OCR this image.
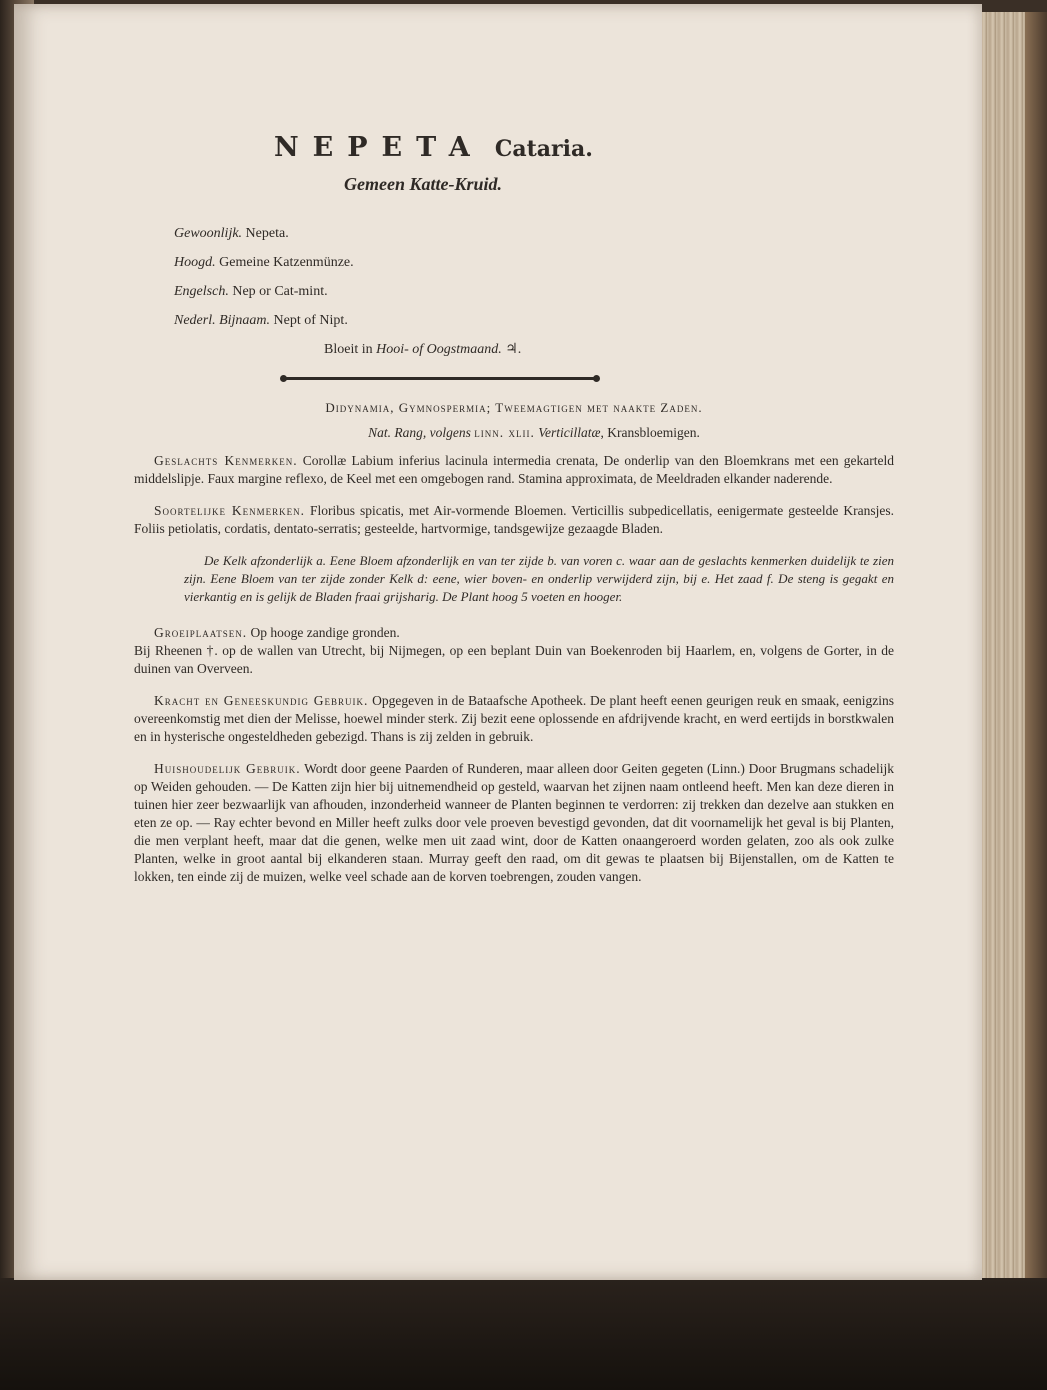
NEPETA Cataria.
Gemeen Katte-Kruid.
Gewoonlijk. Nepeta.
Hoogd. Gemeine Katzenmünze.
Engelsch. Nep or Cat-mint.
Nederl. Bijnaam. Nept of Nipt.
Bloeit in Hooi- of Oogstmaand. ♃.

Didynamia, Gymnospermia; Tweemagtigen met naakte Zaden.

Nat. Rang, volgens linn. xlii. Verticillatæ, Kransbloemigen.

Geslachts Kenmerken. Corollæ Labium inferius lacinula intermedia crenata, De onderlip van den Bloemkrans met een gekarteld middelslipje. Faux margine reflexo, de Keel met een omgebogen rand. Stamina approximata, de Meeldraden elkander naderende.

Soortelijke Kenmerken. Floribus spicatis, met Air-vormende Bloemen. Verticillis subpedicellatis, eenigermate gesteelde Kransjes. Foliis petiolatis, cordatis, dentato-serratis; gesteelde, hartvormige, tandsgewijze gezaagde Bladen.

De Kelk afzonderlijk a. Eene Bloem afzonderlijk en van ter zijde b. van voren c. waar aan de geslachts kenmerken duidelijk te zien zijn. Eene Bloem van ter zijde zonder Kelk d: eene, wier boven- en onderlip verwijderd zijn, bij e. Het zaad f. De steng is gegakt en vierkantig en is gelijk de Bladen fraai grijsharig. De Plant hoog 5 voeten en hooger.

Groeiplaatsen. Op hooge zandige gronden.

Bij Rheenen †. op de wallen van Utrecht, bij Nijmegen, op een beplant Duin van Boekenroden bij Haarlem, en, volgens de Gorter, in de duinen van Overveen.

Kracht en Geneeskundig Gebruik. Opgegeven in de Bataafsche Apotheek. De plant heeft eenen geurigen reuk en smaak, eenigzins overeenkomstig met dien der Melisse, hoewel minder sterk. Zij bezit eene oplossende en afdrijvende kracht, en werd eertijds in borstkwalen en in hysterische ongesteldheden gebezigd. Thans is zij zelden in gebruik.

Huishoudelijk Gebruik. Wordt door geene Paarden of Runderen, maar alleen door Geiten gegeten (Linn.) Door Brugmans schadelijk op Weiden gehouden. — De Katten zijn hier bij uitnemendheid op gesteld, waarvan het zijnen naam ontleend heeft. Men kan deze dieren in tuinen hier zeer bezwaarlijk van afhouden, inzonderheid wanneer de Planten beginnen te verdorren: zij trekken dan dezelve aan stukken en eten ze op. — Ray echter bevond en Miller heeft zulks door vele proeven bevestigd gevonden, dat dit voornamelijk het geval is bij Planten, die men verplant heeft, maar dat die genen, welke men uit zaad wint, door de Katten onaangeroerd worden gelaten, zoo als ook zulke Planten, welke in groot aantal bij elkanderen staan. Murray geeft den raad, om dit gewas te plaatsen bij Bijenstallen, om de Katten te lokken, ten einde zij de muizen, welke veel schade aan de korven toebrengen, zouden vangen.
